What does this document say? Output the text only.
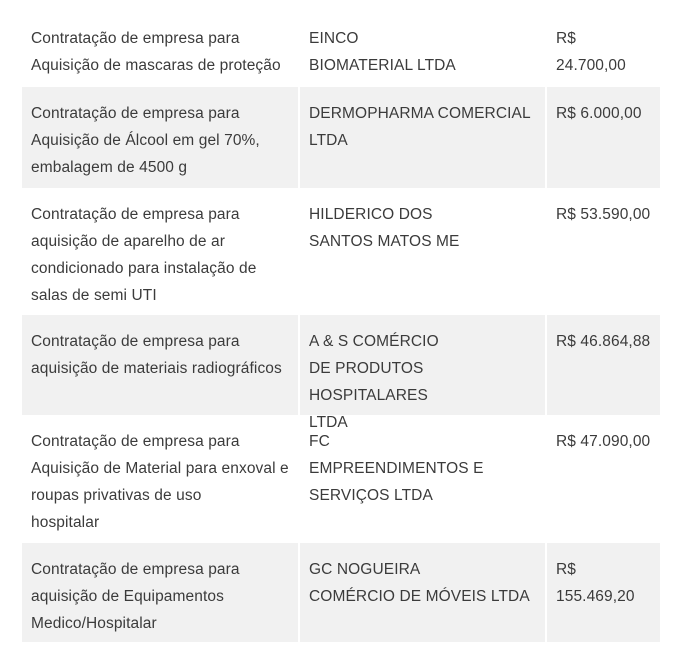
Contratação de empresa para
Aquisição de mascaras de proteção
EINCO
BIOMATERIAL LTDA
R$
24.700,00
Contratação de empresa para
Aquisição de Álcool em gel 70%,
embalagem de 4500 g
DERMOPHARMA COMERCIAL
LTDA
R$ 6.000,00
Contratação de empresa para
aquisição de aparelho de ar
condicionado para instalação de
salas de semi UTI
HILDERICO DOS
SANTOS MATOS ME
R$ 53.590,00
Contratação de empresa para
aquisição de materiais radiográficos
A & S COMÉRCIO
DE PRODUTOS HOSPITALARES
LTDA
R$ 46.864,88
Contratação de empresa para
Aquisição de Material para enxoval e
roupas privativas de uso
hospitalar
FC
EMPREENDIMENTOS E
SERVIÇOS LTDA
R$ 47.090,00
Contratação de empresa para
aquisição de Equipamentos
Medico/Hospitalar
GC NOGUEIRA
COMÉRCIO DE MÓVEIS LTDA
R$
155.469,20
